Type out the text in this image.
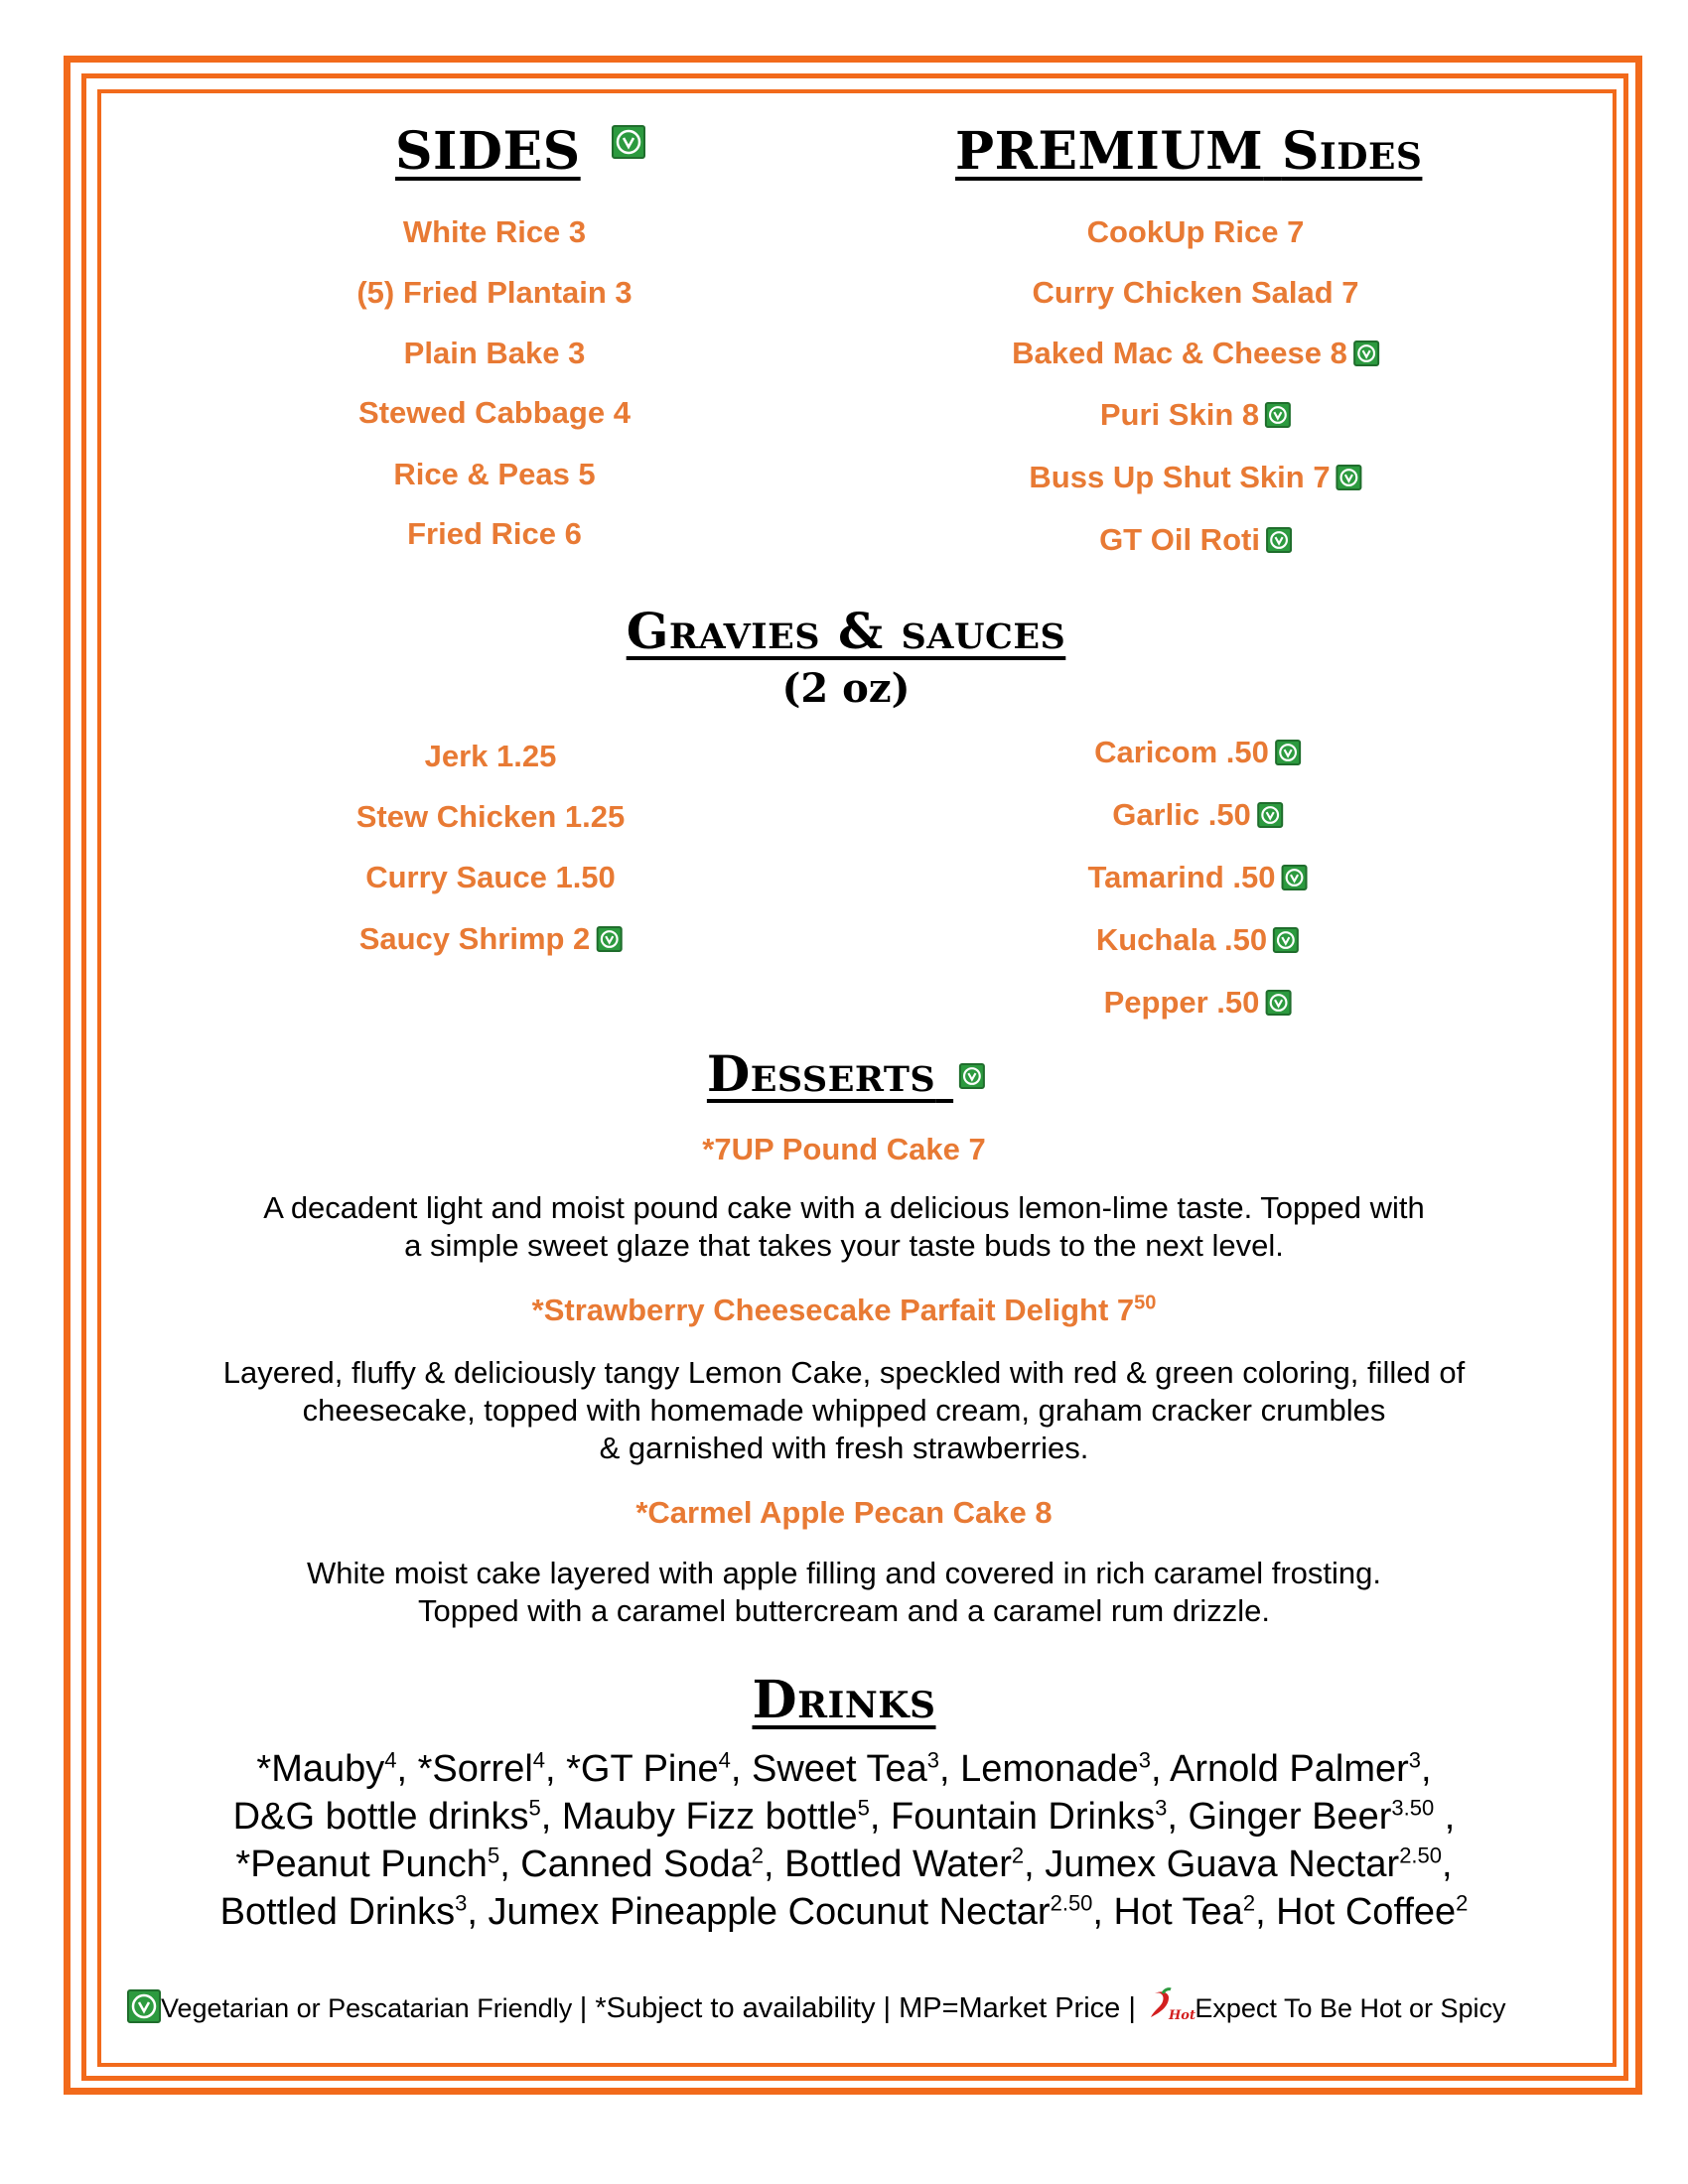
SIDES	PREMIUM Sides
White Rice 3
(5) Fried Plantain 3
Plain Bake 3
Stewed Cabbage 4
Rice & Peas 5
Fried Rice 6
CookUp Rice 7
Curry Chicken Salad 7
Baked Mac & Cheese 8
Puri Skin 8
Buss Up Shut Skin 7
GT Oil Roti
Gravies & sauces
(2 oz)
Jerk 1.25
Stew Chicken 1.25
Curry Sauce 1.50
Saucy Shrimp 2
Caricom .50
Garlic .50
Tamarind .50
Kuchala .50
Pepper .50
Desserts
*7UP Pound Cake 7
A decadent light and moist pound cake with a delicious lemon-lime taste. Topped with
a simple sweet glaze that takes your taste buds to the next level.
*Strawberry Cheesecake Parfait Delight $7^{50}$
Layered, fluffy & deliciously tangy Lemon Cake, speckled with red & green coloring, filled of
cheesecake, topped with homemade whipped cream, graham cracker crumbles
& garnished with fresh strawberries.
*Carmel Apple Pecan Cake 8
White moist cake layered with apple filling and covered in rich caramel frosting.
Topped with a caramel buttercream and a caramel rum drizzle.
Drinks
*Mauby$^4$, *Sorrel$^4$, *GT Pine$^4$, Sweet Tea$^3$, Lemonade$^3$, Arnold Palmer$^3$,
D&G bottle drinks$^5$, Mauby Fizz bottle$^5$, Fountain Drinks$^3$, Ginger Beer$^{3.50}$ ,
*Peanut Punch$^5$, Canned Soda$^2$, Bottled Water$^2$, Jumex Guava Nectar$^{2.50}$,
Bottled Drinks$^3$, Jumex Pineapple Cocunut Nectar$^{2.50}$, Hot Tea$^2$, Hot Coffee$^2$
Vegetarian or Pescatarian Friendly | *Subject to availability | MP=Market Price |	Hot Expect To Be Hot or Spicy
